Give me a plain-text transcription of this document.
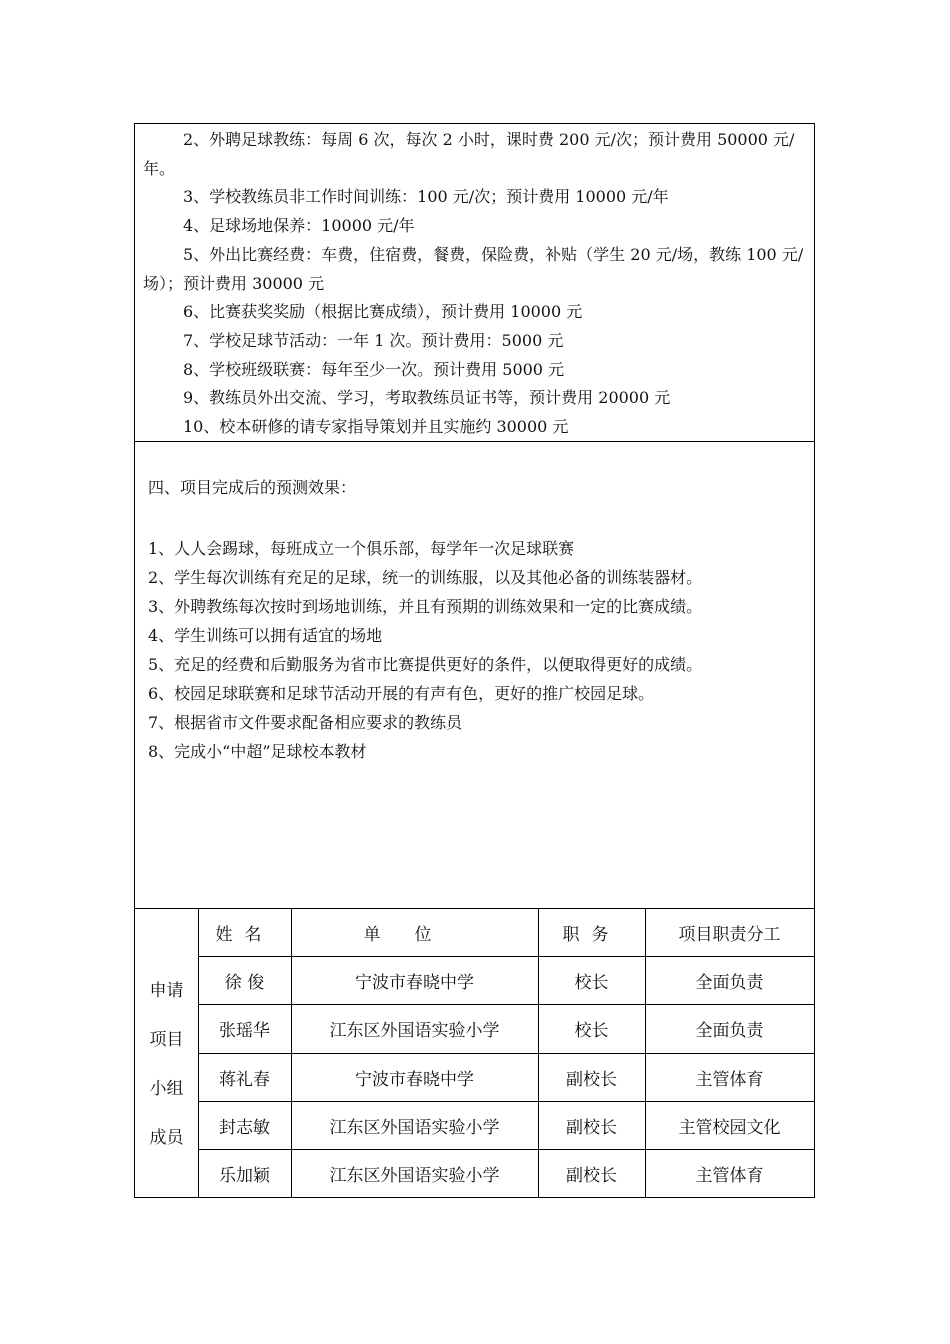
2、外聘足球教练：每周 6 次，每次 2 小时，课时费 200 元/次；预计费用 50000 元/年。

3、学校教练员非工作时间训练：100 元/次；预计费用 10000 元/年

4、足球场地保养：10000 元/年

5、外出比赛经费：车费，住宿费，餐费，保险费，补贴（学生 20 元/场，教练 100 元/场）；预计费用 30000 元

6、比赛获奖奖励（根据比赛成绩），预计费用 10000 元

7、学校足球节活动：一年 1 次。预计费用：5000 元

8、学校班级联赛：每年至少一次。预计费用 5000 元

9、教练员外出交流、学习，考取教练员证书等，预计费用 20000 元

10、校本研修的请专家指导策划并且实施约 30000 元

四、项目完成后的预测效果：

1、人人会踢球，每班成立一个俱乐部，每学年一次足球联赛

2、学生每次训练有充足的足球，统一的训练服，以及其他必备的训练装器材。

3、外聘教练每次按时到场地训练，并且有预期的训练效果和一定的比赛成绩。

4、学生训练可以拥有适宜的场地

5、充足的经费和后勤服务为省市比赛提供更好的条件，以便取得更好的成绩。

6、校园足球联赛和足球节活动开展的有声有色，更好的推广校园足球。

7、根据省市文件要求配备相应要求的教练员

8、完成小“中超”足球校本教材

申请
项目
小组
成员
姓名	单位	职务	项目职责分工
徐 俊	宁波市春晓中学	校长	全面负责
张瑶华	江东区外国语实验小学	校长	全面负责
蒋礼春	宁波市春晓中学	副校长	主管体育
封志敏	江东区外国语实验小学	副校长	主管校园文化
乐加颖	江东区外国语实验小学	副校长	主管体育
